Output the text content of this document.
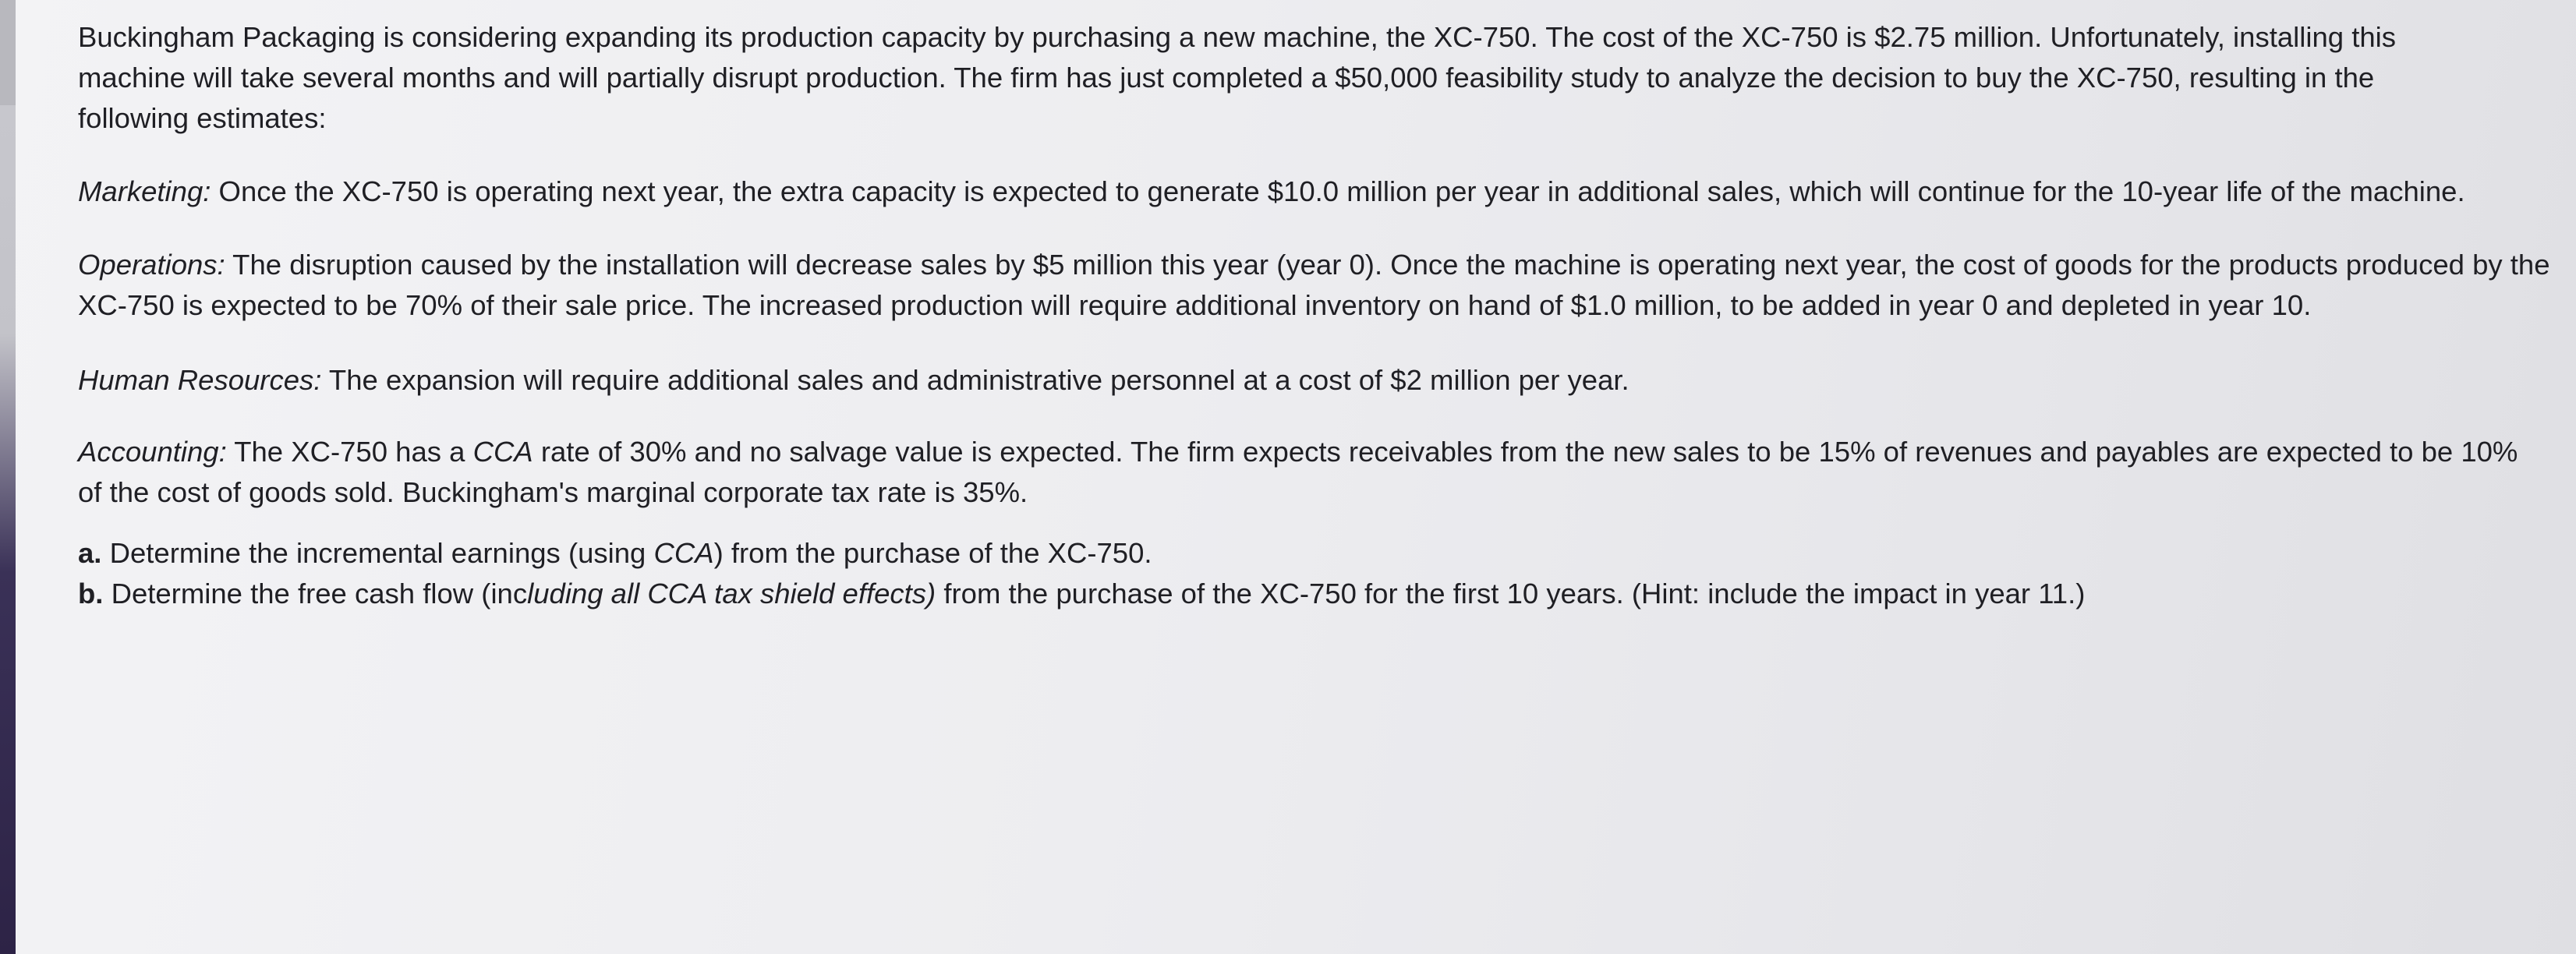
Buckingham Packaging is considering expanding its production capacity by purchasing a new machine, the XC-750. The cost of the XC-750 is $2.75 million. Unfortunately, installing this machine will take several months and will partially disrupt production. The firm has just completed a $50,000 feasibility study to analyze the decision to buy the XC-750, resulting in the following estimates:

Marketing: Once the XC-750 is operating next year, the extra capacity is expected to generate $10.0 million per year in additional sales, which will continue for the 10-year life of the machine.

Operations: The disruption caused by the installation will decrease sales by $5 million this year (year 0). Once the machine is operating next year, the cost of goods for the products produced by the XC-750 is expected to be 70% of their sale price. The increased production will require additional inventory on hand of $1.0 million, to be added in year 0 and depleted in year 10.

Human Resources: The expansion will require additional sales and administrative personnel at a cost of $2 million per year.

Accounting: The XC-750 has a CCA rate of 30% and no salvage value is expected. The firm expects receivables from the new sales to be 15% of revenues and payables are expected to be 10% of the cost of goods sold. Buckingham's marginal corporate tax rate is 35%.

a. Determine the incremental earnings (using CCA) from the purchase of the XC-750.
b. Determine the free cash flow (including all CCA tax shield effects) from the purchase of the XC-750 for the first 10 years. (Hint: include the impact in year 11.)
